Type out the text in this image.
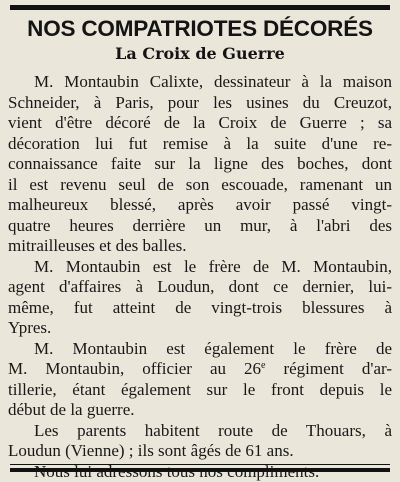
NOS COMPATRIOTES DÉCORÉS
La Croix de Guerre
M. Montaubin Calixte, dessinateur à la maison
Schneider, à Paris, pour les usines du Creuzot,
vient d'être décoré de la Croix de Guerre ; sa
décoration lui fut remise à la suite d'une re-
connaissance faite sur la ligne des boches, dont
il est revenu seul de son escouade, ramenant un
malheureux blessé, après avoir passé vingt-
quatre heures derrière un mur, à l'abri des
mitrailleuses et des balles.
M. Montaubin est le frère de M. Montaubin,
agent d'affaires à Loudun, dont ce dernier, lui-
même, fut atteint de vingt-trois blessures à
Ypres.
M. Montaubin est également le frère de
M. Montaubin, officier au 26e régiment d'ar-
tillerie, étant également sur le front depuis le
début de la guerre.
Les parents habitent route de Thouars, à
Loudun (Vienne) ; ils sont âgés de 61 ans.
